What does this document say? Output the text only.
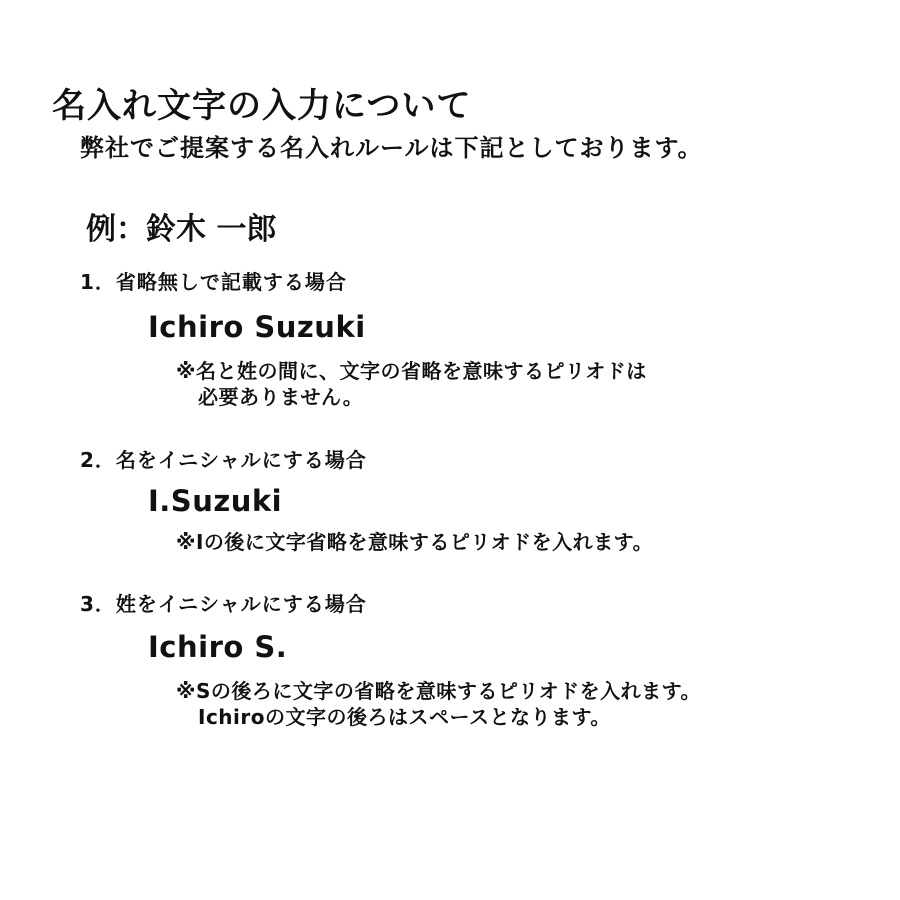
名入れ文字の入力について
弊社でご提案する名入れルールは下記としております。
例：鈴木 一郎
1．省略無しで記載する場合
Ichiro Suzuki
※名と姓の間に、文字の省略を意味するピリオドは
必要ありません。
2．名をイニシャルにする場合
I.Suzuki
※Iの後に文字省略を意味するピリオドを入れます。
3．姓をイニシャルにする場合
Ichiro S.
※Sの後ろに文字の省略を意味するピリオドを入れます。
Ichiroの文字の後ろはスペースとなります。
